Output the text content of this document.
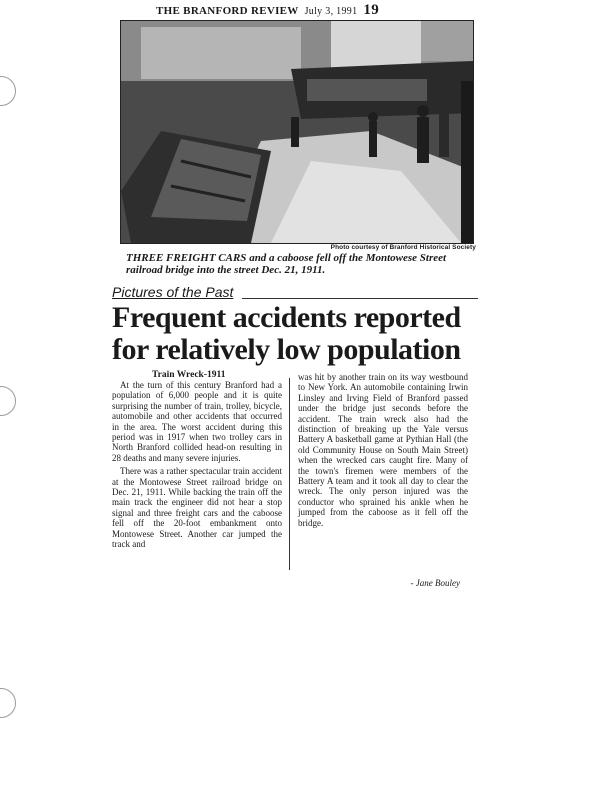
THE BRANFORD REVIEW July 3, 1991 19
Photo courtesy of Branford Historical Society
THREE FREIGHT CARS and a caboose fell off the Montowese Street railroad bridge into the street Dec. 21, 1911.
Pictures of the Past
Frequent accidents reported
for relatively low population
Train Wreck-1911

At the turn of this century Branford had a population of 6,000 people and it is quite surprising the number of train, trolley, bicycle, automobile and other accidents that occurred in the area. The worst accident during this period was in 1917 when two trolley cars in North Branford collided head-on resulting in 28 deaths and many severe injuries.

There was a rather spectacular train accident at the Montowese Street railroad bridge on Dec. 21, 1911. While backing the train off the main track the engineer did not hear a stop signal and three freight cars and the caboose fell off the 20-foot embankment onto Montowese Street. Another car jumped the track and

was hit by another train on its way westbound to New York. An automobile containing Irwin Linsley and Irving Field of Branford passed under the bridge just seconds before the accident. The train wreck also had the distinction of breaking up the Yale versus Battery A basketball game at Pythian Hall (the old Community House on South Main Street) when the wrecked cars caught fire. Many of the town's firemen were members of the Battery A team and it took all day to clear the wreck. The only person injured was the conductor who sprained his ankle when he jumped from the caboose as it fell off the bridge.

- Jane Bouley
